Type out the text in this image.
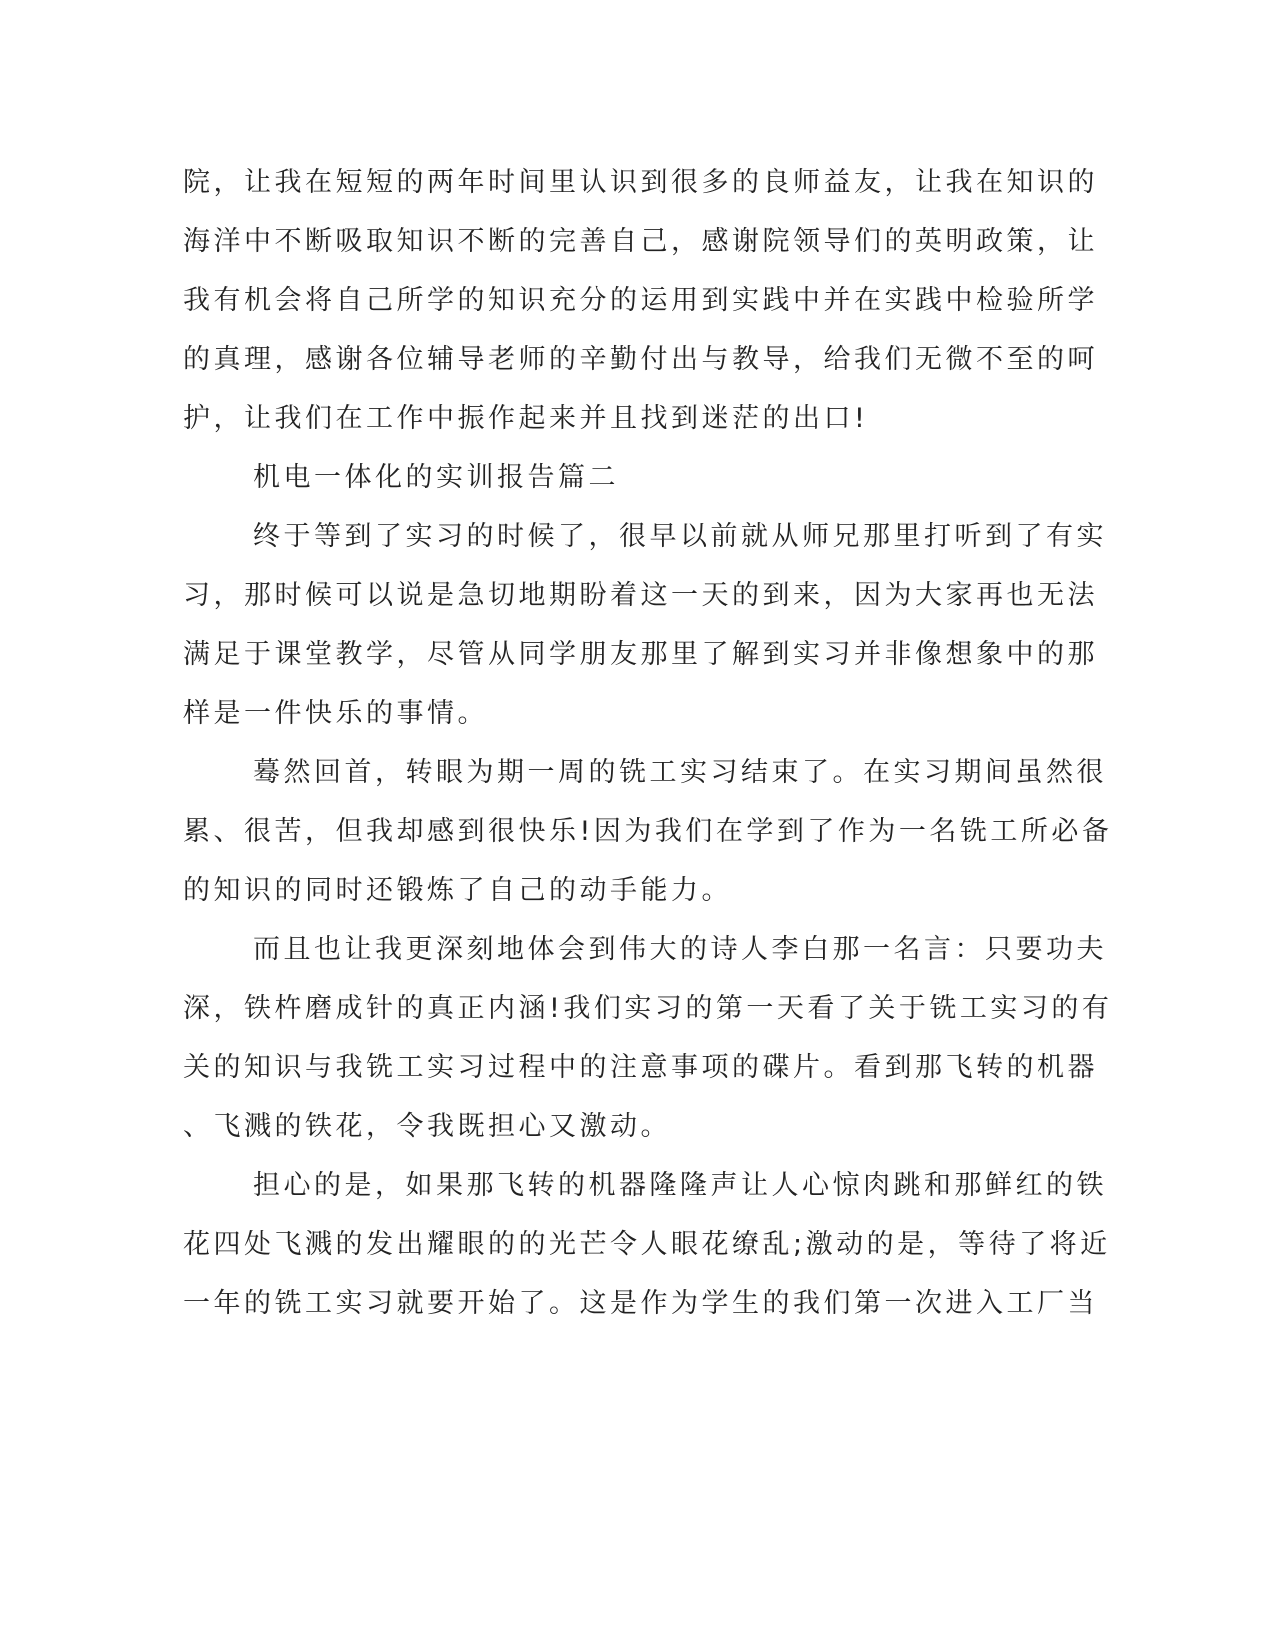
院，让我在短短的两年时间里认识到很多的良师益友，让我在知识的
海洋中不断吸取知识不断的完善自己，感谢院领导们的英明政策，让
我有机会将自己所学的知识充分的运用到实践中并在实践中检验所学
的真理，感谢各位辅导老师的辛勤付出与教导，给我们无微不至的呵
护，让我们在工作中振作起来并且找到迷茫的出口!
机电一体化的实训报告篇二
终于等到了实习的时候了，很早以前就从师兄那里打听到了有实
习，那时候可以说是急切地期盼着这一天的到来，因为大家再也无法
满足于课堂教学，尽管从同学朋友那里了解到实习并非像想象中的那
样是一件快乐的事情。
蓦然回首，转眼为期一周的铣工实习结束了。在实习期间虽然很
累、很苦，但我却感到很快乐!因为我们在学到了作为一名铣工所必备
的知识的同时还锻炼了自己的动手能力。
而且也让我更深刻地体会到伟大的诗人李白那一名言：只要功夫
深，铁杵磨成针的真正内涵!我们实习的第一天看了关于铣工实习的有
关的知识与我铣工实习过程中的注意事项的碟片。看到那飞转的机器
、飞溅的铁花，令我既担心又激动。
担心的是，如果那飞转的机器隆隆声让人心惊肉跳和那鲜红的铁
花四处飞溅的发出耀眼的的光芒令人眼花缭乱;激动的是，等待了将近
一年的铣工实习就要开始了。这是作为学生的我们第一次进入工厂当
